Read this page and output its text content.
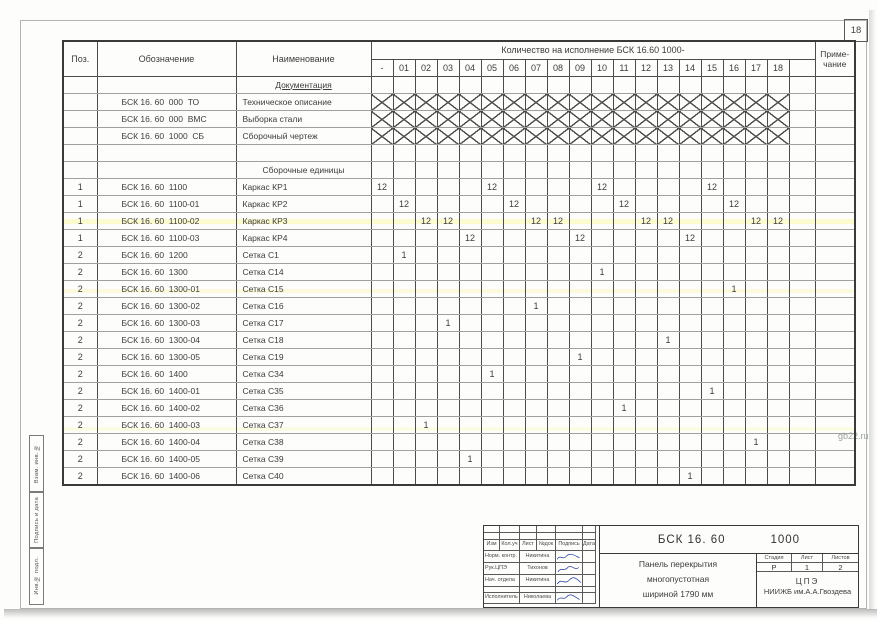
18
gb22.ru
Поз.	Обозначение	Наименование	Количество на исполнение БСК 16.60 1000-																				Приме-
чание

			-	01	02	03	04	05	06	07	08	09	10	11	12	13	14	15	16	17	18		
		Документация																					
	БСК 16. 60  000  ТО	Техническое описание																					
	БСК 16. 60  000  ВМС	Выборка стали																					
	БСК 16. 60  1000  СБ	Сборочный чертеж																					

		Сборочные единицы																					
1	БСК 16. 60  1100	Каркас КР1	12					12					12					12					
1	БСК 16. 60  1100-01	Каркас КР2		12					12					12					12				
1	БСК 16. 60  1100-02	Каркас КР3			12	12				12	12				12	12				12	12		
1	БСК 16. 60  1100-03	Каркас КР4					12					12					12						
2	БСК 16. 60  1200	Сетка С1		1																			
2	БСК 16. 60  1300	Сетка С14											1										
2	БСК 16. 60  1300-01	Сетка С15																	1				
2	БСК 16. 60  1300-02	Сетка С16								1													
2	БСК 16. 60  1300-03	Сетка С17				1																	
2	БСК 16. 60  1300-04	Сетка С18														1							
2	БСК 16. 60  1300-05	Сетка С19										1											
2	БСК 16. 60  1400	Сетка С34						1															
2	БСК 16. 60  1400-01	Сетка С35																1					
2	БСК 16. 60  1400-02	Сетка С36												1									
2	БСК 16. 60  1400-03	Сетка С37			1																		
2	БСК 16. 60  1400-04	Сетка С38																		1			
2	БСК 16. 60  1400-05	Сетка С39					1																
2	БСК 16. 60  1400-06	Сетка С40															1						
Взам. инв. №
Подпись и дата
Инв.№ подл.
Изм Кол.уч Лист №док Подпись Дата
Норм. контр.	Никитина
Рук.ЦПЭ	Тихонов
Нач. отдела	Никитина
Исполнитель	Николаева
БСК 16. 60	1000
Панель перекрытия
многопустотная
шириной 1790 мм
Стадия	Лист	Листов
Р	1	2
ЦПЭ
НИИЖБ им.А.А.Гвоздева
